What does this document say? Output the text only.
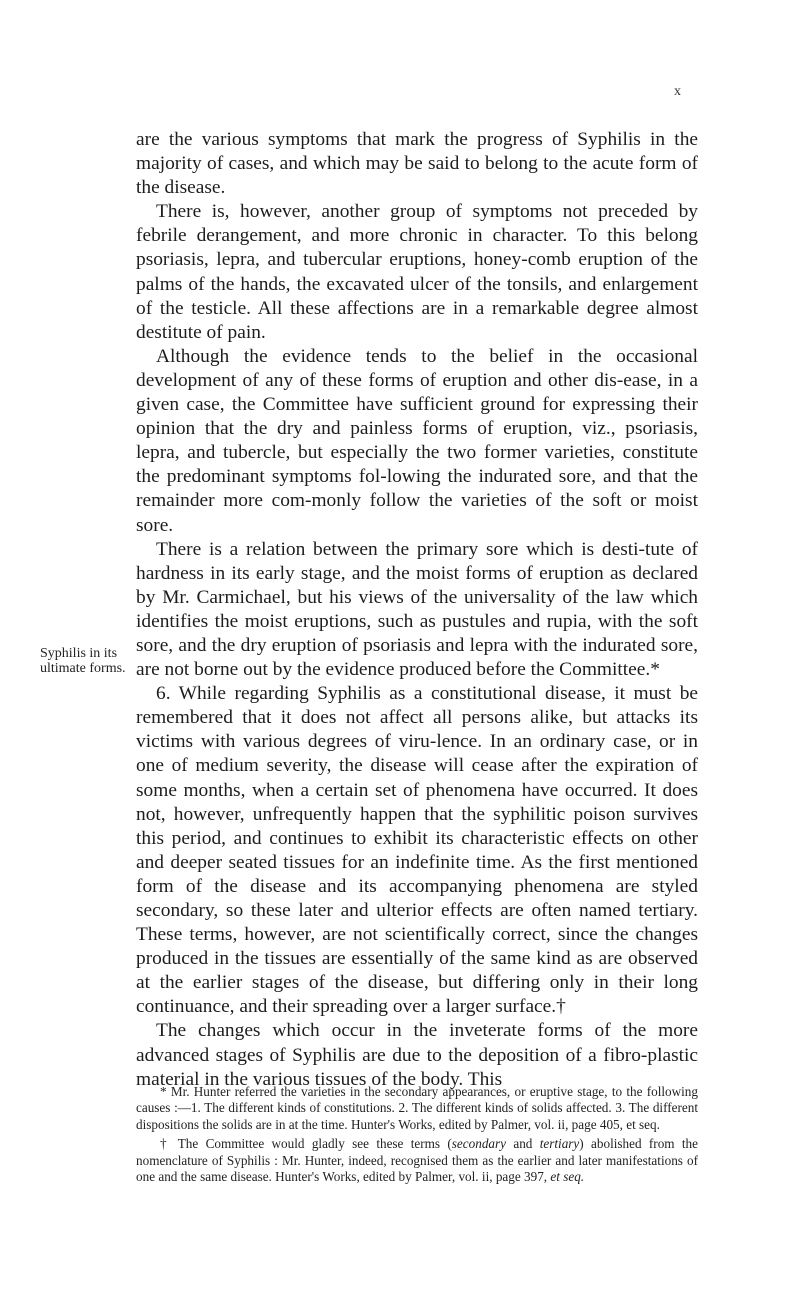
x
Syphilis in its ultimate forms.

are the various symptoms that mark the progress of Syphilis in the majority of cases, and which may be said to belong to the acute form of the disease.

There is, however, another group of symptoms not preceded by febrile derangement, and more chronic in character. To this belong psoriasis, lepra, and tubercular eruptions, honey-comb eruption of the palms of the hands, the excavated ulcer of the tonsils, and enlargement of the testicle. All these affections are in a remarkable degree almost destitute of pain.

Although the evidence tends to the belief in the occasional development of any of these forms of eruption and other dis-ease, in a given case, the Committee have sufficient ground for expressing their opinion that the dry and painless forms of eruption, viz., psoriasis, lepra, and tubercle, but especially the two former varieties, constitute the predominant symptoms fol-lowing the indurated sore, and that the remainder more com-monly follow the varieties of the soft or moist sore.

There is a relation between the primary sore which is desti-tute of hardness in its early stage, and the moist forms of eruption as declared by Mr. Carmichael, but his views of the universality of the law which identifies the moist eruptions, such as pustules and rupia, with the soft sore, and the dry eruption of psoriasis and lepra with the indurated sore, are not borne out by the evidence produced before the Committee.*

6. While regarding Syphilis as a constitutional disease, it must be remembered that it does not affect all persons alike, but attacks its victims with various degrees of viru-lence. In an ordinary case, or in one of medium severity, the disease will cease after the expiration of some months, when a certain set of phenomena have occurred. It does not, however, unfrequently happen that the syphilitic poison survives this period, and continues to exhibit its characteristic effects on other and deeper seated tissues for an indefinite time. As the first mentioned form of the disease and its accompanying phenomena are styled secondary, so these later and ulterior effects are often named tertiary. These terms, however, are not scientifically correct, since the changes produced in the tissues are essentially of the same kind as are observed at the earlier stages of the disease, but differing only in their long continuance, and their spreading over a larger surface.†

The changes which occur in the inveterate forms of the more advanced stages of Syphilis are due to the deposition of a fibro-plastic material in the various tissues of the body. This

* Mr. Hunter referred the varieties in the secondary appearances, or eruptive stage, to the following causes :—1. The different kinds of constitutions. 2. The different kinds of solids affected. 3. The different dispositions the solids are in at the time. Hunter's Works, edited by Palmer, vol. ii, page 405, et seq.

† The Committee would gladly see these terms (secondary and tertiary) abolished from the nomenclature of Syphilis : Mr. Hunter, indeed, recognised them as the earlier and later manifestations of one and the same disease. Hunter's Works, edited by Palmer, vol. ii, page 397, et seq.
